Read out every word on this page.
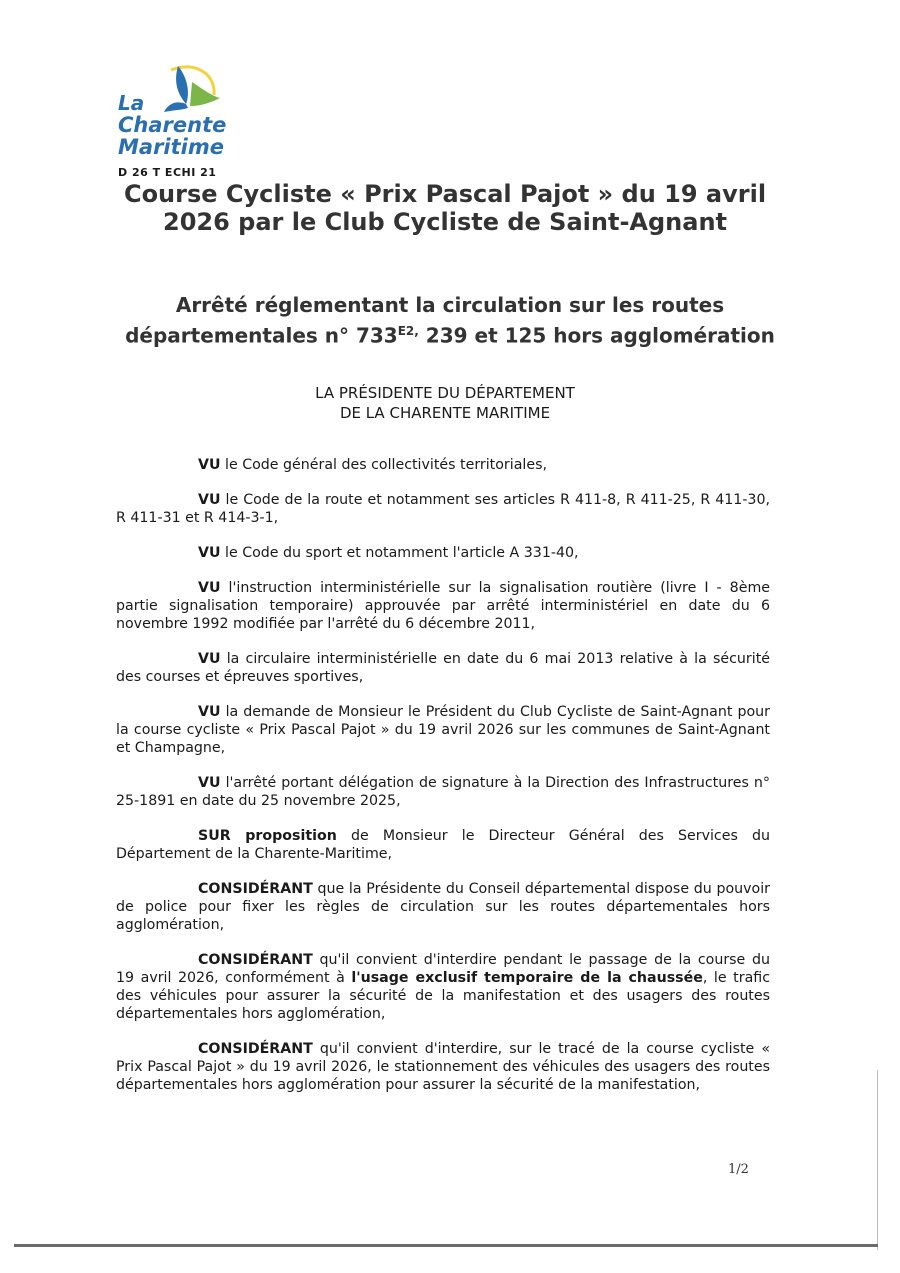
La
Charente
Maritime
D 26 T ECHI 21
Course Cycliste « Prix Pascal Pajot » du 19 avril 2026 par le Club Cycliste de Saint-Agnant
Arrêté réglementant la circulation sur les routes départementales n° $733^{E2,}$ 239 et 125 hors agglomération
LA PRÉSIDENTE DU DÉPARTEMENT
DE LA CHARENTE MARITIME

VU le Code général des collectivités territoriales,

VU le Code de la route et notamment ses articles R 411-8, R 411-25, R 411-30, R 411-31 et R 414-3-1,

VU le Code du sport et notamment l'article A 331-40,

VU l'instruction interministérielle sur la signalisation routière (livre I - 8ème partie signalisation temporaire) approuvée par arrêté interministériel en date du 6 novembre 1992 modifiée par l'arrêté du 6 décembre 2011,

VU la circulaire interministérielle en date du 6 mai 2013 relative à la sécurité des courses et épreuves sportives,

VU la demande de Monsieur le Président du Club Cycliste de Saint-Agnant pour la course cycliste « Prix Pascal Pajot » du 19 avril 2026 sur les communes de Saint-Agnant et Champagne,

VU l'arrêté portant délégation de signature à la Direction des Infrastructures n° 25-1891 en date du 25 novembre 2025,

SUR proposition de Monsieur le Directeur Général des Services du Département de la Charente-Maritime,

CONSIDÉRANT que la Présidente du Conseil départemental dispose du pouvoir de police pour fixer les règles de circulation sur les routes départementales hors agglomération,

CONSIDÉRANT qu'il convient d'interdire pendant le passage de la course du 19 avril 2026, conformément à l'usage exclusif temporaire de la chaussée, le trafic des véhicules pour assurer la sécurité de la manifestation et des usagers des routes départementales hors agglomération,

CONSIDÉRANT qu'il convient d'interdire, sur le tracé de la course cycliste « Prix Pascal Pajot » du 19 avril 2026, le stationnement des véhicules des usagers des routes départementales hors agglomération pour assurer la sécurité de la manifestation,

1/2
